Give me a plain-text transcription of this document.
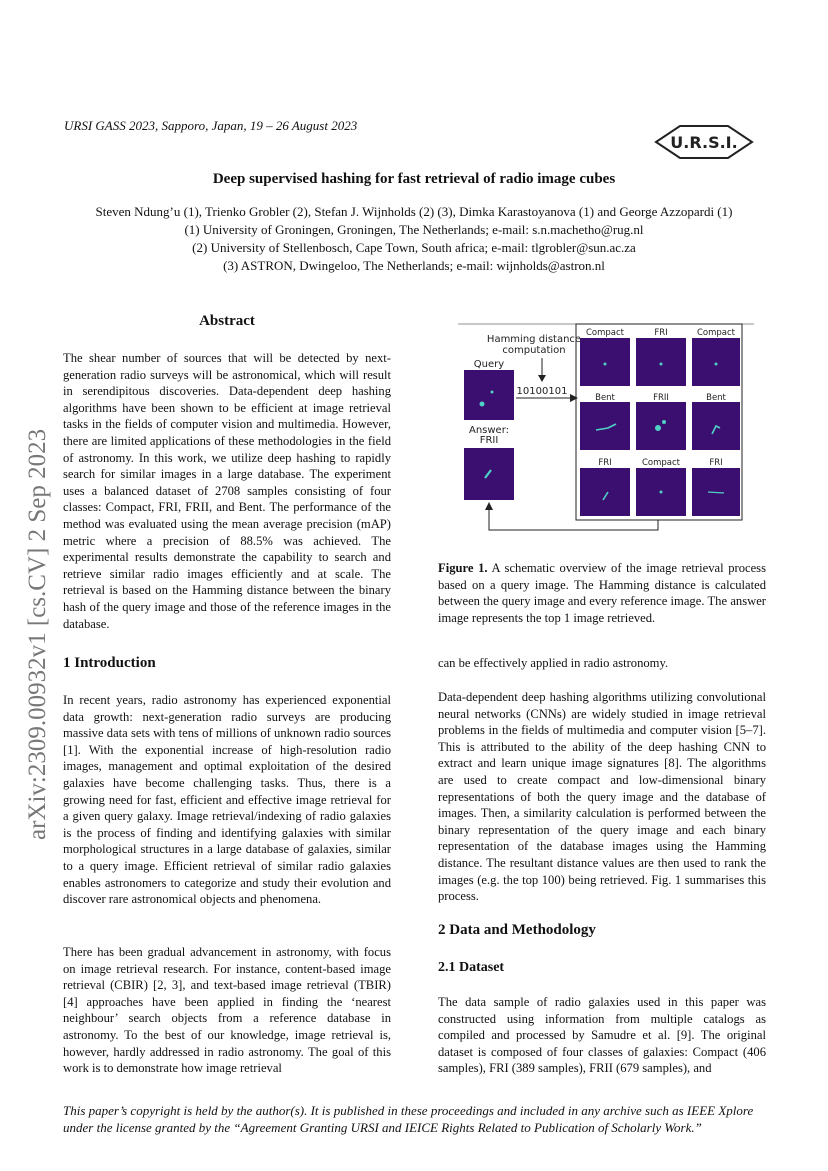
URSI GASS 2023, Sapporo, Japan, 19 – 26 August 2023
U.R.S.I.
Deep supervised hashing for fast retrieval of radio image cubes
Steven Ndung’u (1), Trienko Grobler (2), Stefan J. Wijnholds (2) (3), Dimka Karastoyanova (1) and George Azzopardi (1)
(1) University of Groningen, Groningen, The Netherlands; e-mail: s.n.machetho@rug.nl
(2) University of Stellenbosch, Cape Town, South africa; e-mail: tlgrobler@sun.ac.za
(3) ASTRON, Dwingeloo, The Netherlands; e-mail: wijnholds@astron.nl
arXiv:2309.00932v1 [cs.CV] 2 Sep 2023
Abstract
The shear number of sources that will be detected by next-generation radio surveys will be astronomical, which will result in serendipitous discoveries. Data-dependent deep hashing algorithms have been shown to be efficient at image retrieval tasks in the fields of computer vision and multimedia. However, there are limited applications of these methodologies in the field of astronomy. In this work, we utilize deep hashing to rapidly search for similar images in a large database. The experiment uses a balanced dataset of 2708 samples consisting of four classes: Compact, FRI, FRII, and Bent. The performance of the method was evaluated using the mean average precision (mAP) metric where a precision of 88.5% was achieved. The experimental results demonstrate the capability to search and retrieve similar radio images efficiently and at scale. The retrieval is based on the Hamming distance between the binary hash of the query image and those of the reference images in the database.
1 Introduction
In recent years, radio astronomy has experienced exponential data growth: next-generation radio surveys are producing massive data sets with tens of millions of unknown radio sources [1]. With the exponential increase of high-resolution radio images, management and optimal exploitation of the desired galaxies have become challenging tasks. Thus, there is a growing need for fast, efficient and effective image retrieval for a given query galaxy. Image retrieval/indexing of radio galaxies is the process of finding and identifying galaxies with similar morphological structures in a large database of galaxies, similar to a query image. Efficient retrieval of similar radio galaxies enables astronomers to categorize and study their evolution and discover rare astronomical objects and phenomena.
There has been gradual advancement in astronomy, with focus on image retrieval research. For instance, content-based image retrieval (CBIR) [2, 3], and text-based image retrieval (TBIR) [4] approaches have been applied in finding the ‘nearest neighbour’ search objects from a reference database in astronomy. To the best of our knowledge, image retrieval is, however, hardly addressed in radio astronomy. The goal of this work is to demonstrate how image retrieval
Compact	FRI	Compact
Bent	FRII	Bent
FRI	Compact	FRI
Hamming distance
computation
Query
10100101
Answer:
FRII
Figure 1. A schematic overview of the image retrieval process based on a query image. The Hamming distance is calculated between the query image and every reference image. The answer image represents the top 1 image retrieved.
can be effectively applied in radio astronomy.
Data-dependent deep hashing algorithms utilizing convolutional neural networks (CNNs) are widely studied in image retrieval problems in the fields of multimedia and computer vision [5–7]. This is attributed to the ability of the deep hashing CNN to extract and learn unique image signatures [8]. The algorithms are used to create compact and low-dimensional binary representations of both the query image and the database of images. Then, a similarity calculation is performed between the binary representation of the query image and each binary representation of the database images using the Hamming distance. The resultant distance values are then used to rank the images (e.g. the top 100) being retrieved. Fig. 1 summarises this process.
2 Data and Methodology
2.1 Dataset
The data sample of radio galaxies used in this paper was constructed using information from multiple catalogs as compiled and processed by Samudre et al. [9]. The original dataset is composed of four classes of galaxies: Compact (406 samples), FRI (389 samples), FRII (679 samples), and
This paper’s copyright is held by the author(s). It is published in these proceedings and included in any archive such as IEEE Xplore under the license granted by the “Agreement Granting URSI and IEICE Rights Related to Publication of Scholarly Work.”
